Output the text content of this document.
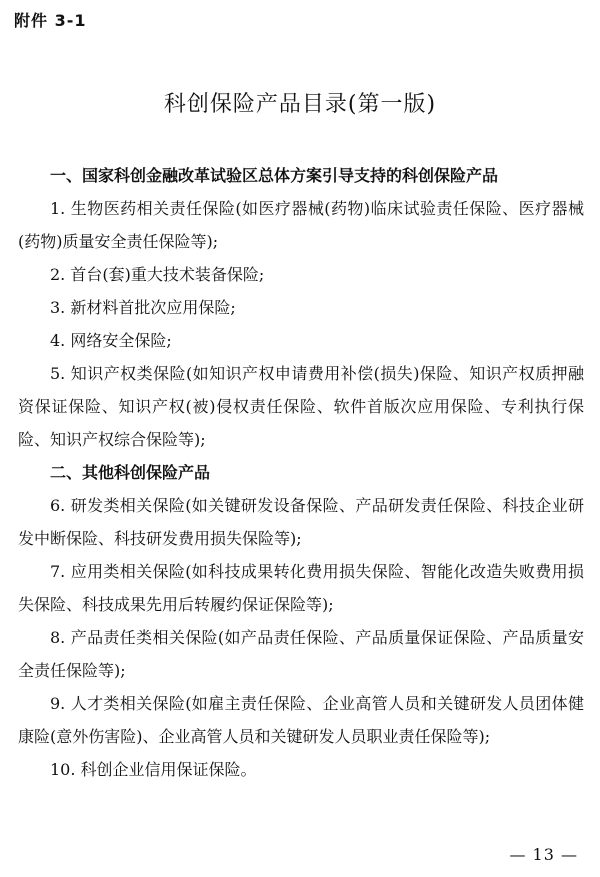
附件 3-1
科创保险产品目录(第一版)

一、国家科创金融改革试验区总体方案引导支持的科创保险产品

1. 生物医药相关责任保险(如医疗器械(药物)临床试验责任保险、医疗器械(药物)质量安全责任保险等);

2. 首台(套)重大技术装备保险;

3. 新材料首批次应用保险;

4. 网络安全保险;

5. 知识产权类保险(如知识产权申请费用补偿(损失)保险、知识产权质押融资保证保险、知识产权(被)侵权责任保险、软件首版次应用保险、专利执行保险、知识产权综合保险等);

二、其他科创保险产品

6. 研发类相关保险(如关键研发设备保险、产品研发责任保险、科技企业研发中断保险、科技研发费用损失保险等);

7. 应用类相关保险(如科技成果转化费用损失保险、智能化改造失败费用损失保险、科技成果先用后转履约保证保险等);

8. 产品责任类相关保险(如产品责任保险、产品质量保证保险、产品质量安全责任保险等);

9. 人才类相关保险(如雇主责任保险、企业高管人员和关键研发人员团体健康险(意外伤害险)、企业高管人员和关键研发人员职业责任保险等);

10. 科创企业信用保证保险。

— 13 —
